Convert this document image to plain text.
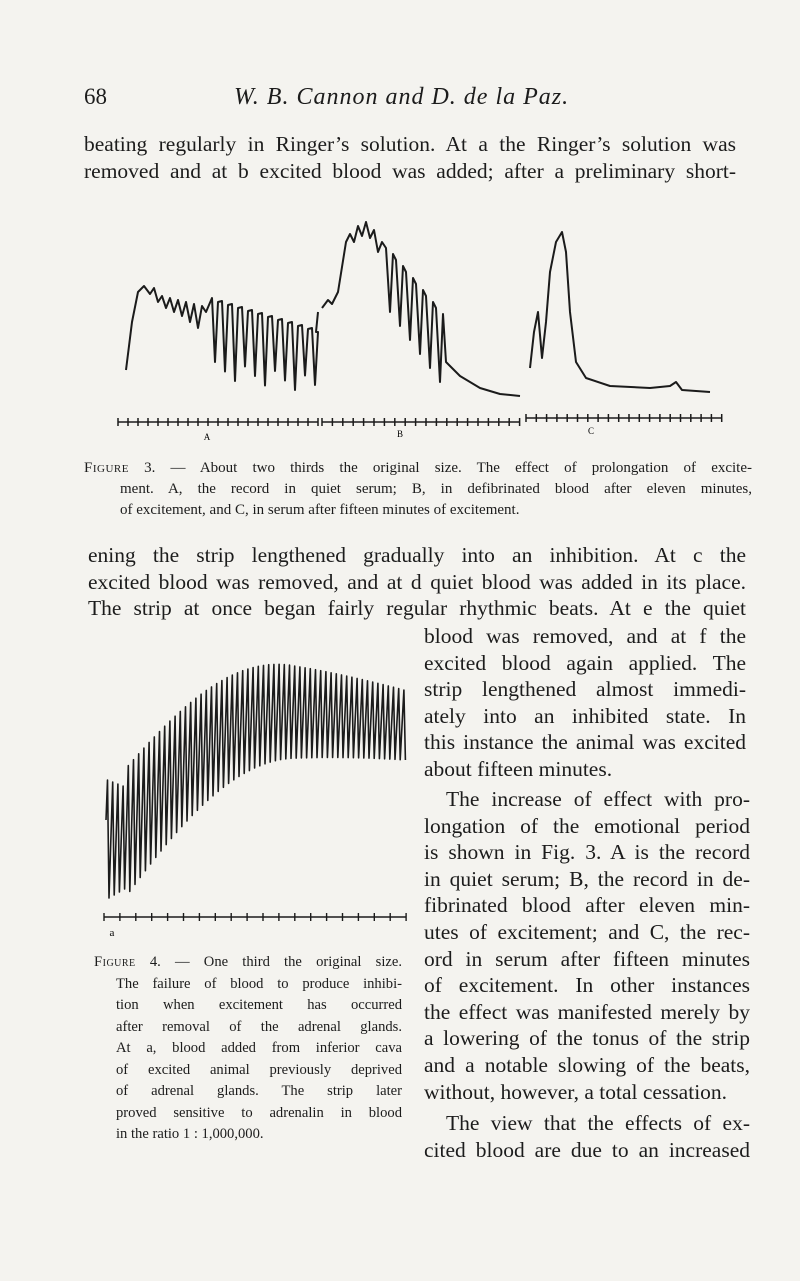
68	W. B. Cannon and D. de la Paz.

beating regularly in Ringer’s solution. At a the Ringer’s solution was
removed and at b excited blood was added; after a preliminary short-

A	B	C

Figure 3. — About two thirds the original size. The effect of prolongation of excite-
ment. A, the record in quiet serum; B, in defibrinated blood after eleven minutes,
of excitement, and C, in serum after fifteen minutes of excitement.

ening the strip lengthened gradually into an inhibition. At c the
excited blood was removed, and at d quiet blood was added in its place.
The strip at once began fairly regular rhythmic beats. At e the quiet

blood was removed, and at f the
excited blood again applied. The
strip lengthened almost immedi-
ately into an inhibited state. In
this instance the animal was excited
about fifteen minutes.

The increase of effect with pro-
longation of the emotional period
is shown in Fig. 3. A is the record
in quiet serum; B, the record in de-
fibrinated blood after eleven min-
utes of excitement; and C, the rec-
ord in serum after fifteen minutes
of excitement. In other instances
the effect was manifested merely by
a lowering of the tonus of the strip
and a notable slowing of the beats,
without, however, a total cessation.

The view that the effects of ex-
cited blood are due to an increased

a

Figure 4. — One third the original size.
The failure of blood to produce inhibi-
tion when excitement has occurred
after removal of the adrenal glands.
At a, blood added from inferior cava
of excited animal previously deprived
of adrenal glands. The strip later
proved sensitive to adrenalin in blood
in the ratio 1 : 1,000,000.
